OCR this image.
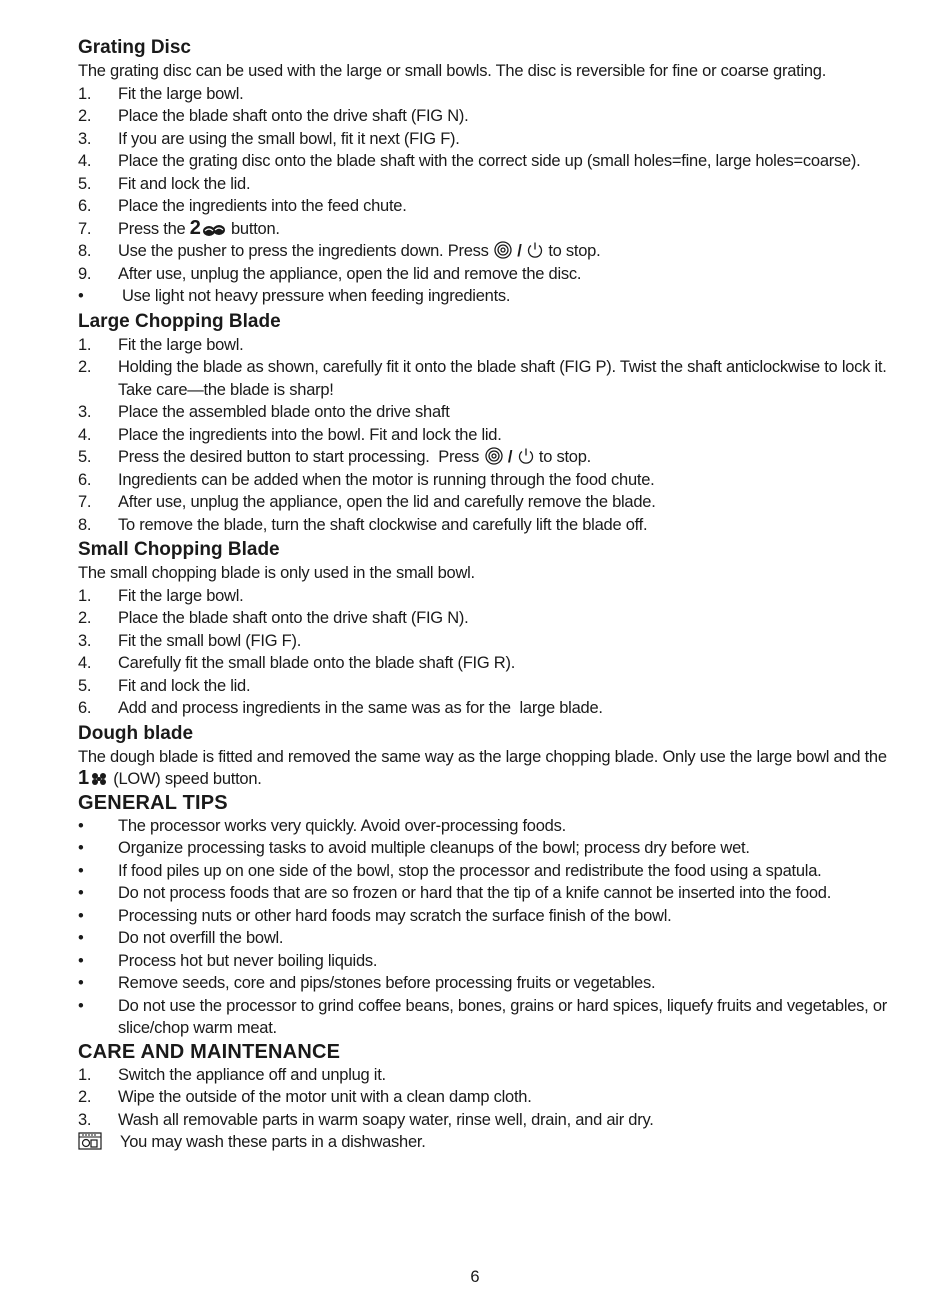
Grating Disc

The grating disc can be used with the large or small bowls. The disc is reversible for fine or coarse grating.

1.	Fit the large bowl.
2.	Place the blade shaft onto the drive shaft (FIG N).
3.	If you are using the small bowl, fit it next (FIG F).
4.	Place the grating disc onto the blade shaft with the correct side up (small holes=fine, large holes=coarse).
5.	Fit and lock the lid.
6.	Place the ingredients into the feed chute.
7.	Press the 2 button.
8.	Use the pusher to press the ingredients down. Press  /  to stop.
9.	After use, unplug the appliance, open the lid and remove the disc.
•	Use light not heavy pressure when feeding ingredients.
Large Chopping Blade
1.	Fit the large bowl.
2.	Holding the blade as shown, carefully fit it onto the blade shaft (FIG P). Twist the shaft anticlockwise to lock it. Take care—the blade is sharp!
3.	Place the assembled blade onto the drive shaft
4.	Place the ingredients into the bowl. Fit and lock the lid.
5.	Press the desired button to start processing.  Press  /  to stop.
6.	Ingredients can be added when the motor is running through the food chute.
7.	After use, unplug the appliance, open the lid and carefully remove the blade.
8.	To remove the blade, turn the shaft clockwise and carefully lift the blade off.
Small Chopping Blade

The small chopping blade is only used in the small bowl.

1.	Fit the large bowl.
2.	Place the blade shaft onto the drive shaft (FIG N).
3.	Fit the small bowl (FIG F).
4.	Carefully fit the small blade onto the blade shaft (FIG R).
5.	Fit and lock the lid.
6.	Add and process ingredients in the same was as for the  large blade.
Dough blade

The dough blade is fitted and removed the same way as the large chopping blade. Only use the large bowl and the 1 (LOW) speed button.

GENERAL TIPS
•	The processor works very quickly. Avoid over-processing foods.
•	Organize processing tasks to avoid multiple cleanups of the bowl; process dry before wet.
•	If food piles up on one side of the bowl, stop the processor and redistribute the food using a spatula.
•	Do not process foods that are so frozen or hard that the tip of a knife cannot be inserted into the food.
•	Processing nuts or other hard foods may scratch the surface finish of the bowl.
•	Do not overfill the bowl.
•	Process hot but never boiling liquids.
•	Remove seeds, core and pips/stones before processing fruits or vegetables.
•	Do not use the processor to grind coffee beans, bones, grains or hard spices, liquefy fruits and vegetables, or slice/chop warm meat.
CARE AND MAINTENANCE
1.	Switch the appliance off and unplug it.
2.	Wipe the outside of the motor unit with a clean damp cloth.
3.	Wash all removable parts in warm soapy water, rinse well, drain, and air dry.
You may wash these parts in a dishwasher.
6
